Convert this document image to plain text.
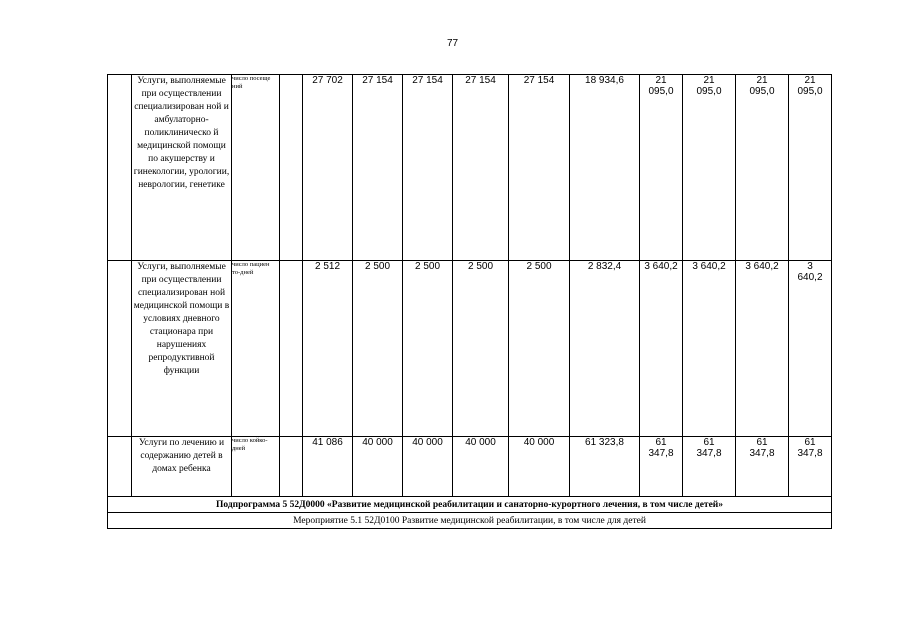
77
	Услуги, выполняемые при осуществлении специализирован ной и амбулаторно-поликлиническо й медицинской помощи по акушерству и гинекологии, урологии, неврологии, генетике	число посеще ний		27 702	27 154	27 154	27 154	27 154	18 934,6	21 095,0	21 095,0	21 095,0	21 095,0
	Услуги, выполняемые при осуществлении специализирован ной медицинской помощи в условиях дневного стационара при нарушениях репродуктивной функции	число пациен то-дней		2 512	2 500	2 500	2 500	2 500	2 832,4	3 640,2	3 640,2	3 640,2	3 640,2
	Услуги по лечению и содержанию детей в домах ребенка	число койко-дней		41 086	40 000	40 000	40 000	40 000	61 323,8	61 347,8	61 347,8	61 347,8	61 347,8
Подпрограмма 5 52Д0000 «Развитие медицинской реабилитации и санаторно-курортного лечения, в том числе детей»													
Мероприятие 5.1 52Д0100 Развитие медицинской реабилитации, в том числе для детей													
